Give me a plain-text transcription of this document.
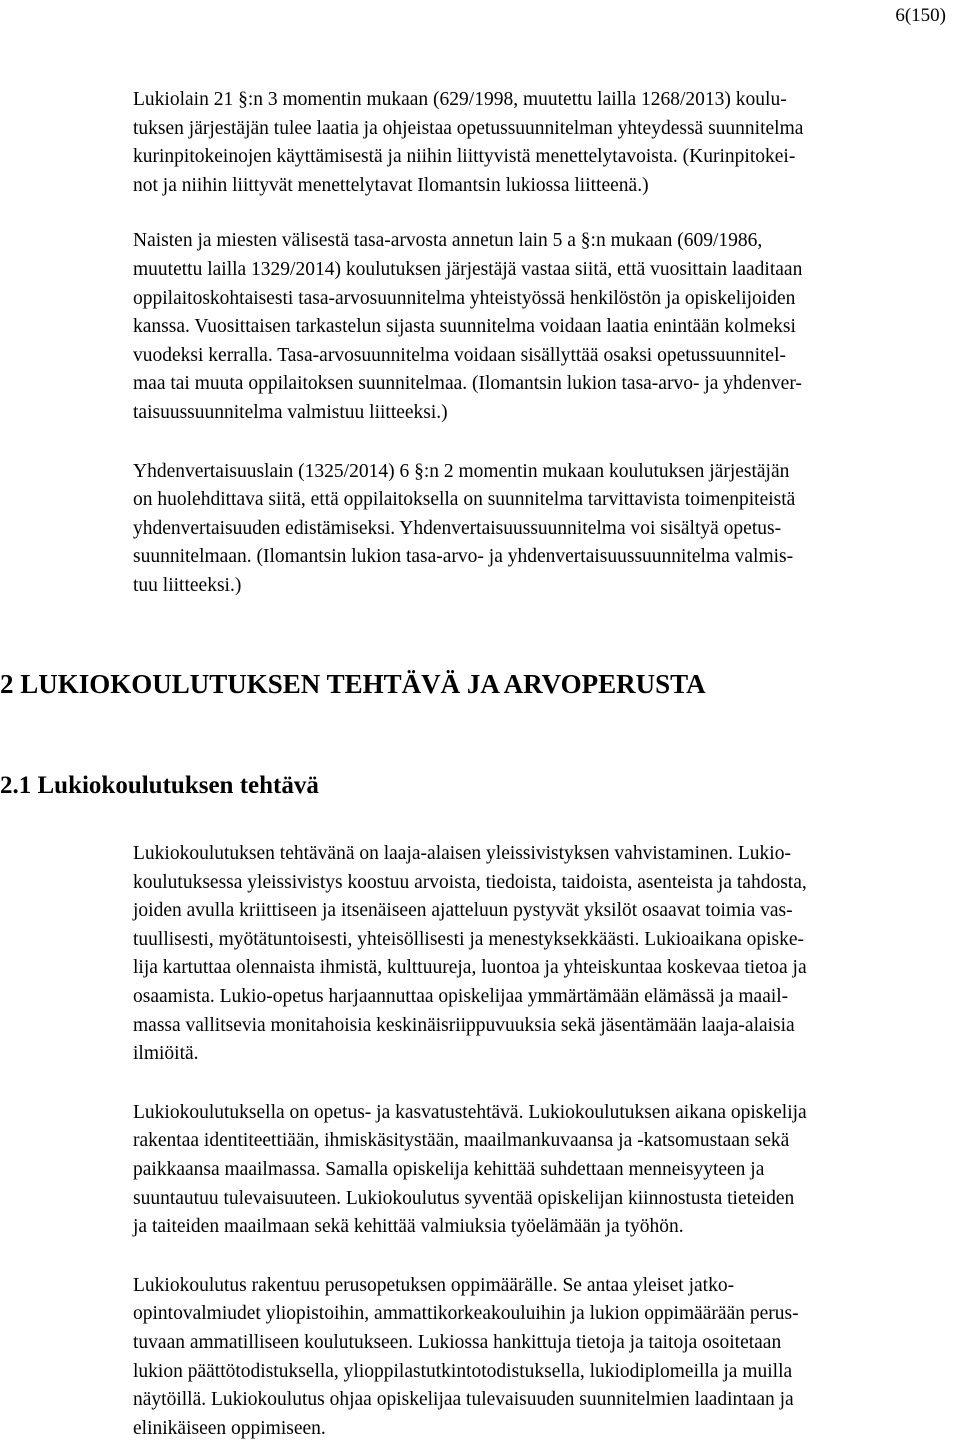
6(150)

Lukiolain 21 §:n 3 momentin mukaan (629/1998, muutettu lailla 1268/2013) koulu-
tuksen järjestäjän tulee laatia ja ohjeistaa opetussuunnitelman yhteydessä suunnitelma
kurinpitokeinojen käyttämisestä ja niihin liittyvistä menettelytavoista. (Kurinpitokei-
not ja niihin liittyvät menettelytavat Ilomantsin lukiossa liitteenä.)

Naisten ja miesten välisestä tasa-arvosta annetun lain 5 a §:n mukaan (609/1986,
muutettu lailla 1329/2014) koulutuksen järjestäjä vastaa siitä, että vuosittain laaditaan
oppilaitoskohtaisesti tasa-arvosuunnitelma yhteistyössä henkilöstön ja opiskelijoiden
kanssa. Vuosittaisen tarkastelun sijasta suunnitelma voidaan laatia enintään kolmeksi
vuodeksi kerralla. Tasa-arvosuunnitelma voidaan sisällyttää osaksi opetussuunnitel-
maa tai muuta oppilaitoksen suunnitelmaa. (Ilomantsin lukion tasa-arvo- ja yhdenver-
taisuussuunnitelma valmistuu liitteeksi.)

Yhdenvertaisuuslain (1325/2014) 6 §:n 2 momentin mukaan koulutuksen järjestäjän
on huolehdittava siitä, että oppilaitoksella on suunnitelma tarvittavista toimenpiteistä
yhdenvertaisuuden edistämiseksi. Yhdenvertaisuussuunnitelma voi sisältyä opetus-
suunnitelmaan. (Ilomantsin lukion tasa-arvo- ja yhdenvertaisuussuunnitelma valmis-
tuu liitteeksi.)

2 LUKIOKOULUTUKSEN TEHTÄVÄ JA ARVOPERUSTA
2.1 Lukiokoulutuksen tehtävä

Lukiokoulutuksen tehtävänä on laaja-alaisen yleissivistyksen vahvistaminen. Lukio-
koulutuksessa yleissivistys koostuu arvoista, tiedoista, taidoista, asenteista ja tahdosta,
joiden avulla kriittiseen ja itsenäiseen ajatteluun pystyvät yksilöt osaavat toimia vas-
tuullisesti, myötätuntoisesti, yhteisöllisesti ja menestyksekkäästi. Lukioaikana opiske-
lija kartuttaa olennaista ihmistä, kulttuureja, luontoa ja yhteiskuntaa koskevaa tietoa ja
osaamista. Lukio-opetus harjaannuttaa opiskelijaa ymmärtämään elämässä ja maail-
massa vallitsevia monitahoisia keskinäisriippuvuuksia sekä jäsentämään laaja-alaisia
ilmiöitä.

Lukiokoulutuksella on opetus- ja kasvatustehtävä. Lukiokoulutuksen aikana opiskelija
rakentaa identiteettiään, ihmiskäsitystään, maailmankuvaansa ja -katsomustaan sekä
paikkaansa maailmassa. Samalla opiskelija kehittää suhdettaan menneisyyteen ja
suuntautuu tulevaisuuteen. Lukiokoulutus syventää opiskelijan kiinnostusta tieteiden
ja taiteiden maailmaan sekä kehittää valmiuksia työelämään ja työhön.

Lukiokoulutus rakentuu perusopetuksen oppimäärälle. Se antaa yleiset jatko-
opintovalmiudet yliopistoihin, ammattikorkeakouluihin ja lukion oppimäärään perus-
tuvaan ammatilliseen koulutukseen. Lukiossa hankittuja tietoja ja taitoja osoitetaan
lukion päättötodistuksella, ylioppilastutkintotodistuksella, lukiodiplomeilla ja muilla
näytöillä. Lukiokoulutus ohjaa opiskelijaa tulevaisuuden suunnitelmien laadintaan ja
elinikäiseen oppimiseen.
